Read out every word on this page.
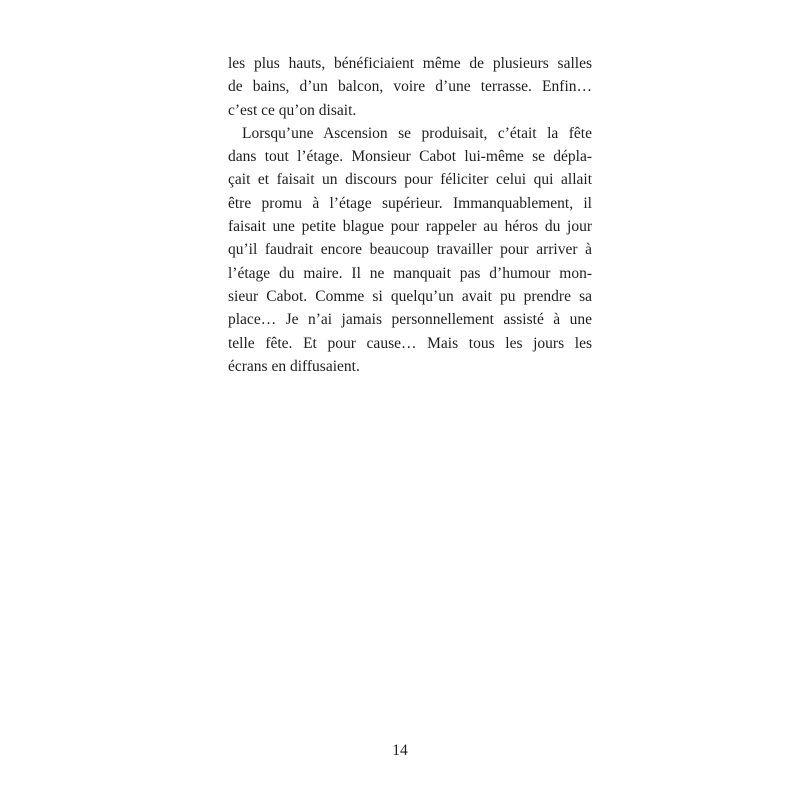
les plus hauts, bénéficiaient même de plusieurs salles
de bains, d’un balcon, voire d’une terrasse. Enfin…
c’est ce qu’on disait.
Lorsqu’une Ascension se produisait, c’était la fête
dans tout l’étage. Monsieur Cabot lui-même se dépla-
çait et faisait un discours pour féliciter celui qui allait
être promu à l’étage supérieur. Immanquablement, il
faisait une petite blague pour rappeler au héros du jour
qu’il faudrait encore beaucoup travailler pour arriver à
l’étage du maire. Il ne manquait pas d’humour mon-
sieur Cabot. Comme si quelqu’un avait pu prendre sa
place… Je n’ai jamais personnellement assisté à une
telle fête. Et pour cause… Mais tous les jours les
écrans en diffusaient.
14
